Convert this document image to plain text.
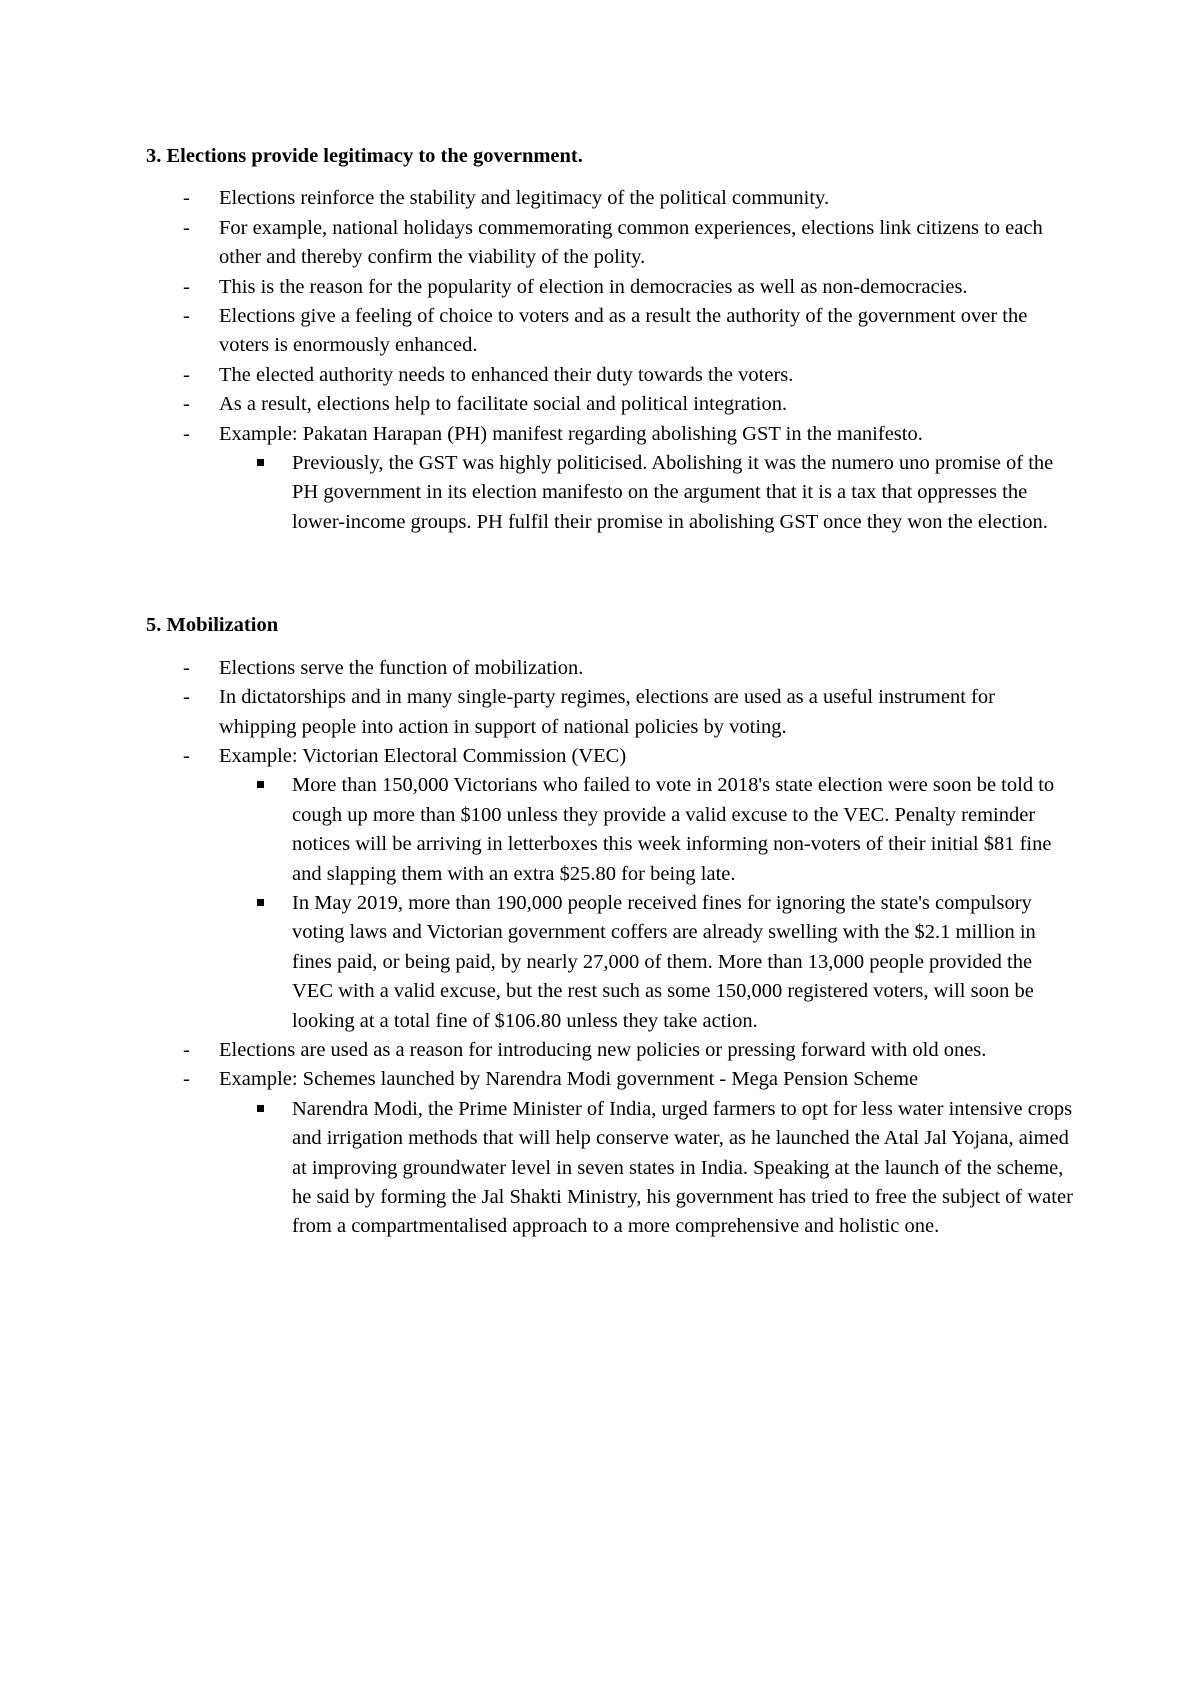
3. Elections provide legitimacy to the government.
- Elections reinforce the stability and legitimacy of the political community.
- For example, national holidays commemorating common experiences, elections link citizens to each other and thereby confirm the viability of the polity.
- This is the reason for the popularity of election in democracies as well as non-democracies.
- Elections give a feeling of choice to voters and as a result the authority of the government over the voters is enormously enhanced.
- The elected authority needs to enhanced their duty towards the voters.
- As a result, elections help to facilitate social and political integration.
- Example: Pakatan Harapan (PH) manifest regarding abolishing GST in the manifesto.
Previously, the GST was highly politicised. Abolishing it was the numero uno promise of the PH government in its election manifesto on the argument that it is a tax that oppresses the lower-income groups. PH fulfil their promise in abolishing GST once they won the election.
5. Mobilization
- Elections serve the function of mobilization.
- In dictatorships and in many single-party regimes, elections are used as a useful instrument for whipping people into action in support of national policies by voting.
- Example: Victorian Electoral Commission (VEC)
More than 150,000 Victorians who failed to vote in 2018's state election were soon be told to cough up more than $100 unless they provide a valid excuse to the VEC. Penalty reminder notices will be arriving in letterboxes this week informing non-voters of their initial $81 fine and slapping them with an extra $25.80 for being late.
In May 2019, more than 190,000 people received fines for ignoring the state's compulsory voting laws and Victorian government coffers are already swelling with the $2.1 million in fines paid, or being paid, by nearly 27,000 of them. More than 13,000 people provided the VEC with a valid excuse, but the rest such as some 150,000 registered voters, will soon be looking at a total fine of $106.80 unless they take action.
- Elections are used as a reason for introducing new policies or pressing forward with old ones.
- Example: Schemes launched by Narendra Modi government - Mega Pension Scheme
Narendra Modi, the Prime Minister of India, urged farmers to opt for less water intensive crops and irrigation methods that will help conserve water, as he launched the Atal Jal Yojana, aimed at improving groundwater level in seven states in India. Speaking at the launch of the scheme, he said by forming the Jal Shakti Ministry, his government has tried to free the subject of water from a compartmentalised approach to a more comprehensive and holistic one.
